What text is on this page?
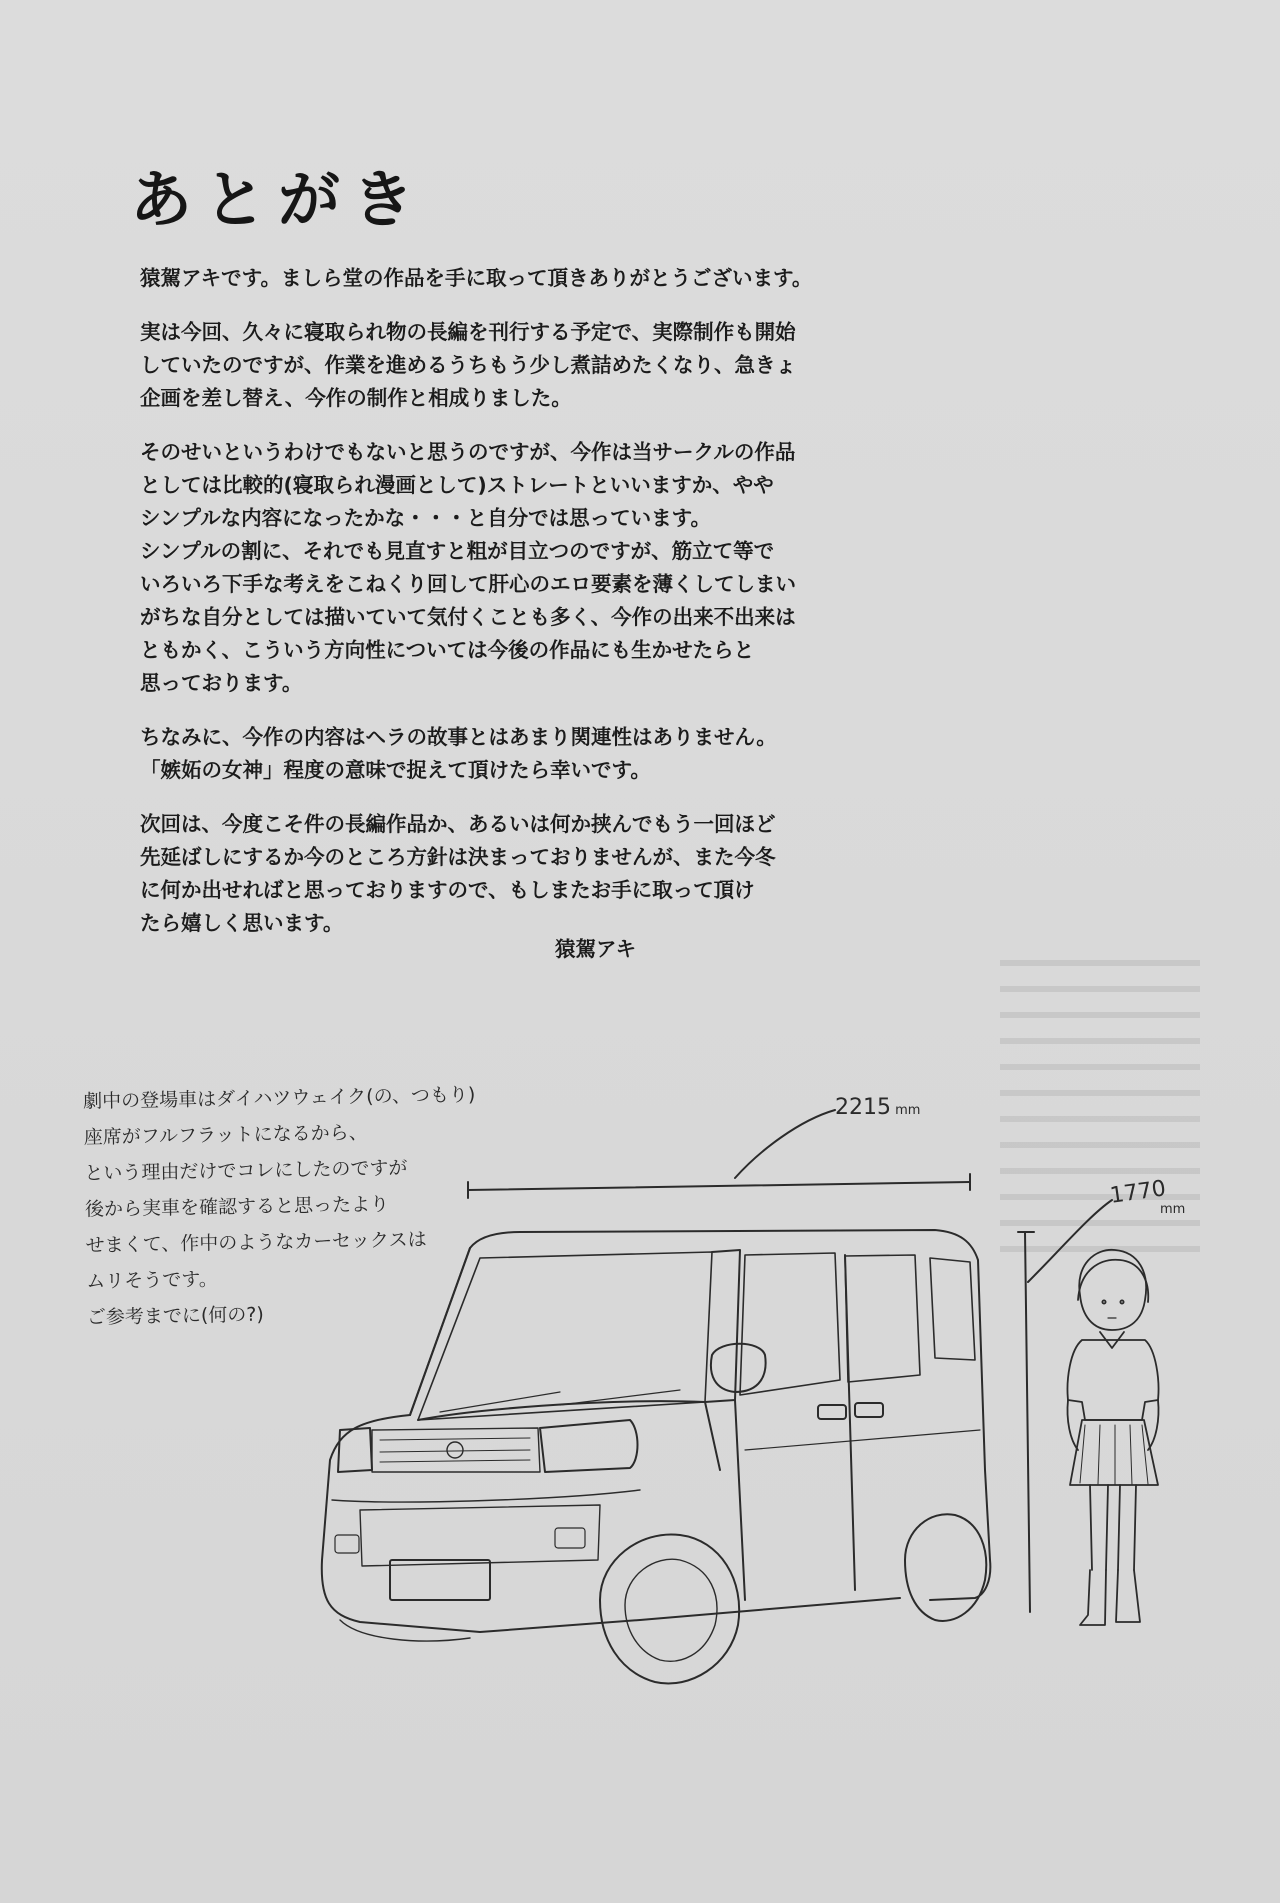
あとがき

猿駕アキです。ましら堂の作品を手に取って頂きありがとうございます。

実は今回、久々に寝取られ物の長編を刊行する予定で、実際制作も開始
していたのですが、作業を進めるうちもう少し煮詰めたくなり、急きょ
企画を差し替え、今作の制作と相成りました。

そのせいというわけでもないと思うのですが、今作は当サークルの作品
としては比較的(寝取られ漫画として)ストレートといいますか、やや
シンプルな内容になったかな・・・と自分では思っています。
シンプルの割に、それでも見直すと粗が目立つのですが、筋立て等で
いろいろ下手な考えをこねくり回して肝心のエロ要素を薄くしてしまい
がちな自分としては描いていて気付くことも多く、今作の出来不出来は
ともかく、こういう方向性については今後の作品にも生かせたらと
思っております。

ちなみに、今作の内容はヘラの故事とはあまり関連性はありません。
「嫉妬の女神」程度の意味で捉えて頂けたら幸いです。

次回は、今度こそ件の長編作品か、あるいは何か挟んでもう一回ほど
先延ばしにするか今のところ方針は決まっておりませんが、また今冬
に何か出せればと思っておりますので、もしまたお手に取って頂け
たら嬉しく思います。

猿駕アキ
劇中の登場車はダイハツウェイク(の、つもり)
座席がフルフラットになるから、
という理由だけでコレにしたのですが
後から実車を確認すると思ったより
せまくて、作中のようなカーセックスは
ムリそうです。
ご参考までに(何の?)
2215 mm
1770
mm
